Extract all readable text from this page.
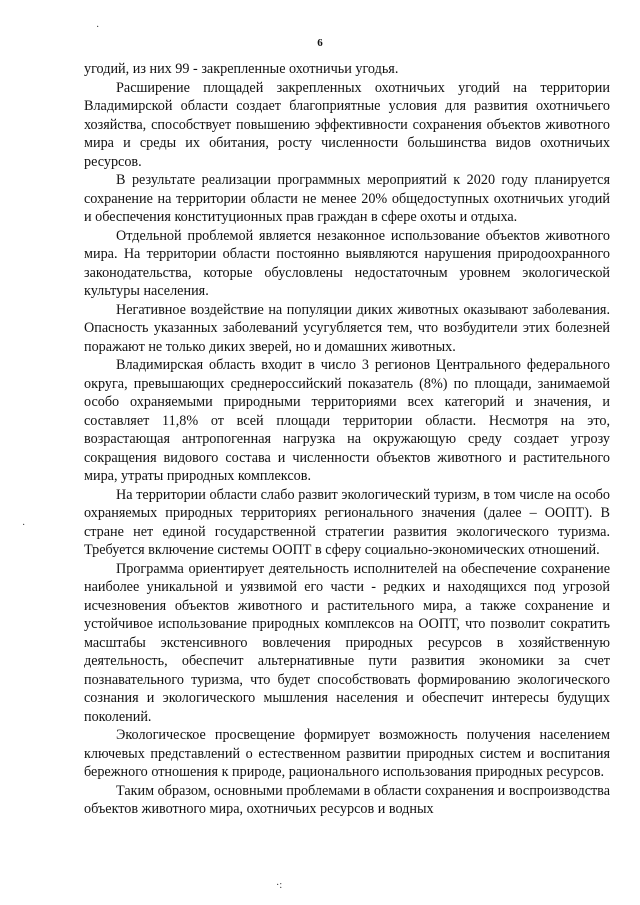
6

угодий, из них 99 - закрепленные охотничьи угодья.

Расширение площадей закрепленных охотничьих угодий на территории Владимирской области создает благоприятные условия для развития охотничьего хозяйства, способствует повышению эффективности сохранения объектов животного мира и среды их обитания, росту численности большинства видов охотничьих ресурсов.

В результате реализации программных мероприятий к 2020 году планируется сохранение на территории области не менее 20% общедоступных охотничьих угодий и обеспечения конституционных прав граждан в сфере охоты и отдыха.

Отдельной проблемой является незаконное использование объектов животного мира. На территории области постоянно выявляются нарушения природоохранного законодательства, которые обусловлены недостаточным уровнем экологической культуры населения.

Негативное воздействие на популяции диких животных оказывают заболевания. Опасность указанных заболеваний усугубляется тем, что возбудители этих болезней поражают не только диких зверей, но и домашних животных.

Владимирская область входит в число 3 регионов Центрального федерального округа, превышающих среднероссийский показатель (8%) по площади, занимаемой особо охраняемыми природными территориями всех категорий и значения, и составляет 11,8% от всей площади территории области. Несмотря на это, возрастающая антропогенная нагрузка на окружающую среду создает угрозу сокращения видового состава и численности объектов животного и растительного мира, утраты природных комплексов.

На территории области слабо развит экологический туризм, в том числе на особо охраняемых природных территориях регионального значения (далее – ООПТ). В стране нет единой государственной стратегии развития экологического туризма. Требуется включение системы ООПТ в сферу социально-экономических отношений.

Программа ориентирует деятельность исполнителей на обеспечение сохранение наиболее уникальной и уязвимой его части - редких и находящихся под угрозой исчезновения объектов животного и растительного мира, а также сохранение и устойчивое использование природных комплексов на ООПТ, что позволит сократить масштабы экстенсивного вовлечения природных ресурсов в хозяйственную деятельность, обеспечит альтернативные пути развития экономики за счет познавательного туризма, что будет способствовать формированию экологического сознания и экологического мышления населения и обеспечит интересы будущих поколений.

Экологическое просвещение формирует возможность получения населением ключевых представлений о естественном развитии природных систем и воспитания бережного отношения к природе, рационального использования природных ресурсов.

Таким образом, основными проблемами в области сохранения и воспроизводства объектов животного мира, охотничьих ресурсов и водных

·
·
·:
